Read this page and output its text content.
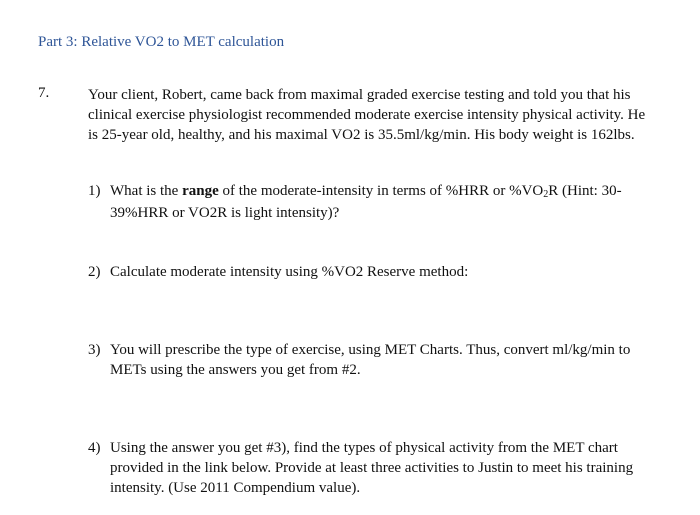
Part 3: Relative VO2 to MET calculation
7.	Your client, Robert, came back from maximal graded exercise testing and told you that his clinical exercise physiologist recommended moderate exercise intensity physical activity. He is 25-year old, healthy, and his maximal VO2 is 35.5ml/kg/min. His body weight is 162lbs.
1) What is the range of the moderate-intensity in terms of %HRR or $\%VO_2R$ (Hint: 30-39%HRR or VO2R is light intensity)?
2) Calculate moderate intensity using %VO2 Reserve method:
3) You will prescribe the type of exercise, using MET Charts. Thus, convert ml/kg/min to METs using the answers you get from #2.
4) Using the answer you get #3), find the types of physical activity from the MET chart provided in the link below. Provide at least three activities to Justin to meet his training intensity. (Use 2011 Compendium value).
